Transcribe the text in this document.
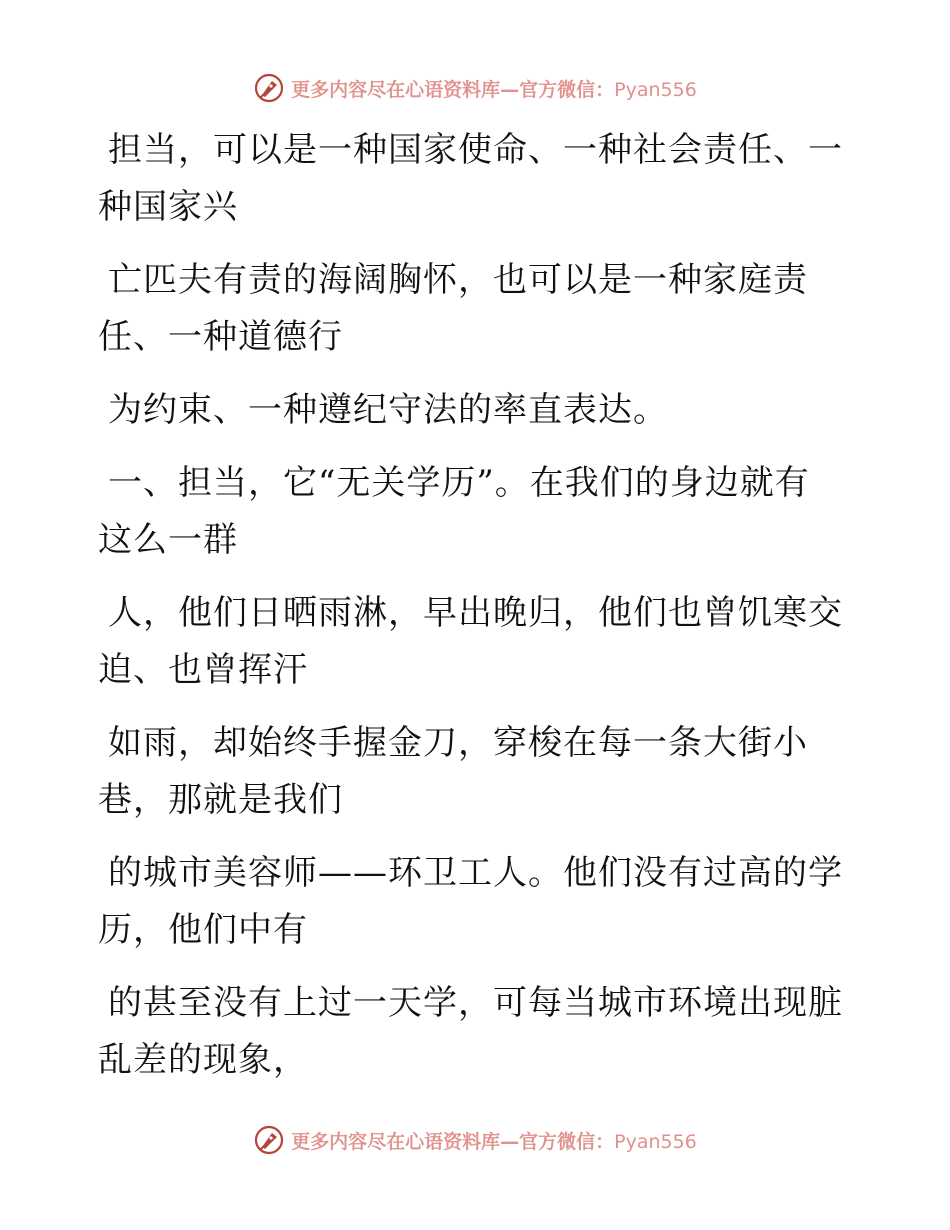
更多内容尽在心语资料库—官方微信：Pyan556
担当，可以是一种国家使命、一种社会责任、一
种国家兴
亡匹夫有责的海阔胸怀，也可以是一种家庭责
任、一种道德行
为约束、一种遵纪守法的率直表达。
一、担当，它“无关学历”。在我们的身边就有
这么一群
人，他们日晒雨淋，早出晚归，他们也曾饥寒交
迫、也曾挥汗
如雨，却始终手握金刀，穿梭在每一条大街小
巷，那就是我们
的城市美容师——环卫工人。他们没有过高的学
历，他们中有
的甚至没有上过一天学，可每当城市环境出现脏
乱差的现象，
更多内容尽在心语资料库—官方微信：Pyan556
